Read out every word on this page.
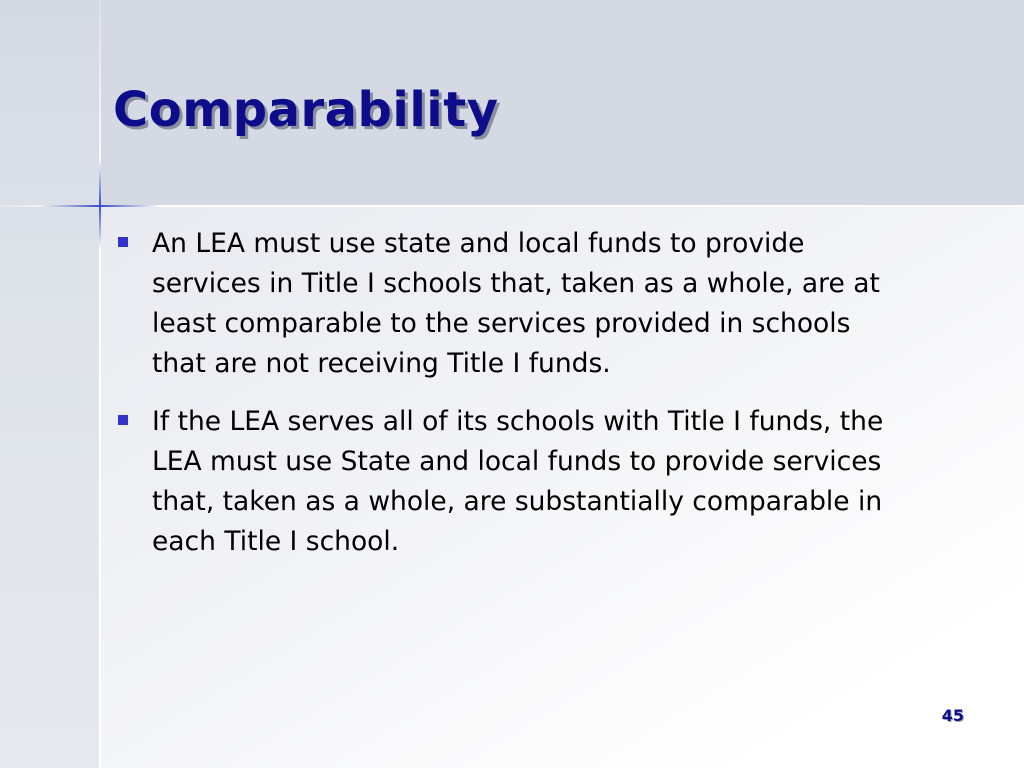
Comparability
An LEA must use state and local funds to provide services in Title I schools that, taken as a whole, are at least comparable to the services provided in schools that are not receiving Title I funds.
If the LEA serves all of its schools with Title I funds, the LEA must use State and local funds to provide services that, taken as a whole, are substantially comparable in each Title I school.
45
